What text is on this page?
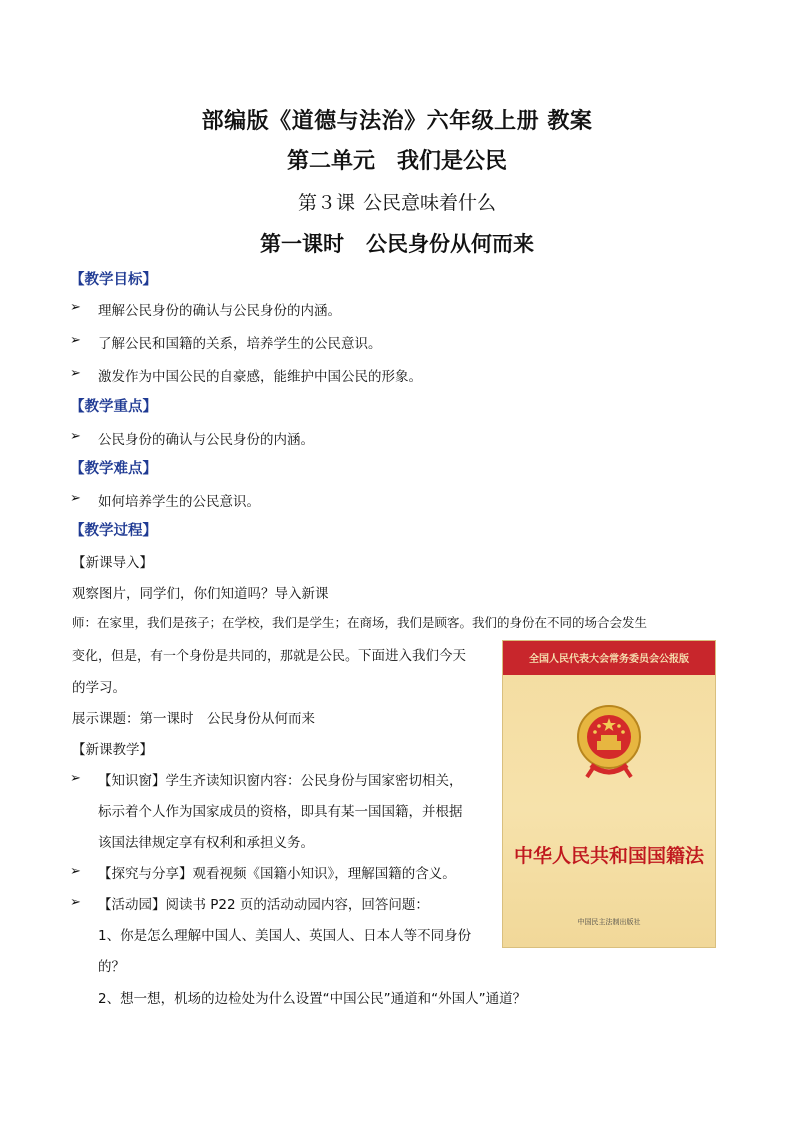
部编版《道德与法治》六年级上册 教案
第二单元 我们是公民
第３课 公民意味着什么
第一课时 公民身份从何而来
【教学目标】
➢ 理解公民身份的确认与公民身份的内涵。
➢ 了解公民和国籍的关系，培养学生的公民意识。
➢ 激发作为中国公民的自豪感，能维护中国公民的形象。
【教学重点】
➢ 公民身份的确认与公民身份的内涵。
【教学难点】
➢ 如何培养学生的公民意识。
【教学过程】
【新课导入】
观察图片，同学们，你们知道吗？导入新课
师：在家里，我们是孩子；在学校，我们是学生；在商场，我们是顾客。我们的身份在不同的场合会发生
变化，但是，有一个身份是共同的，那就是公民。下面进入我们今天
的学习。
展示课题：第一课时　公民身份从何而来
【新课教学】
➢ 【知识窗】学生齐读知识窗内容：公民身份与国家密切相关，
标示着个人作为国家成员的资格，即具有某一国国籍，并根据
该国法律规定享有权利和承担义务。
➢ 【探究与分享】观看视频《国籍小知识》，理解国籍的含义。
➢ 【活动园】阅读书 P22 页的活动动园内容，回答问题：
1、你是怎么理解中国人、美国人、英国人、日本人等不同身份
的？
2、想一想，机场的边检处为什么设置“中国公民”通道和“外国人”通道？
全国人民代表大会常务委员会公报版
中华人民共和国国籍法
中国民主法制出版社
